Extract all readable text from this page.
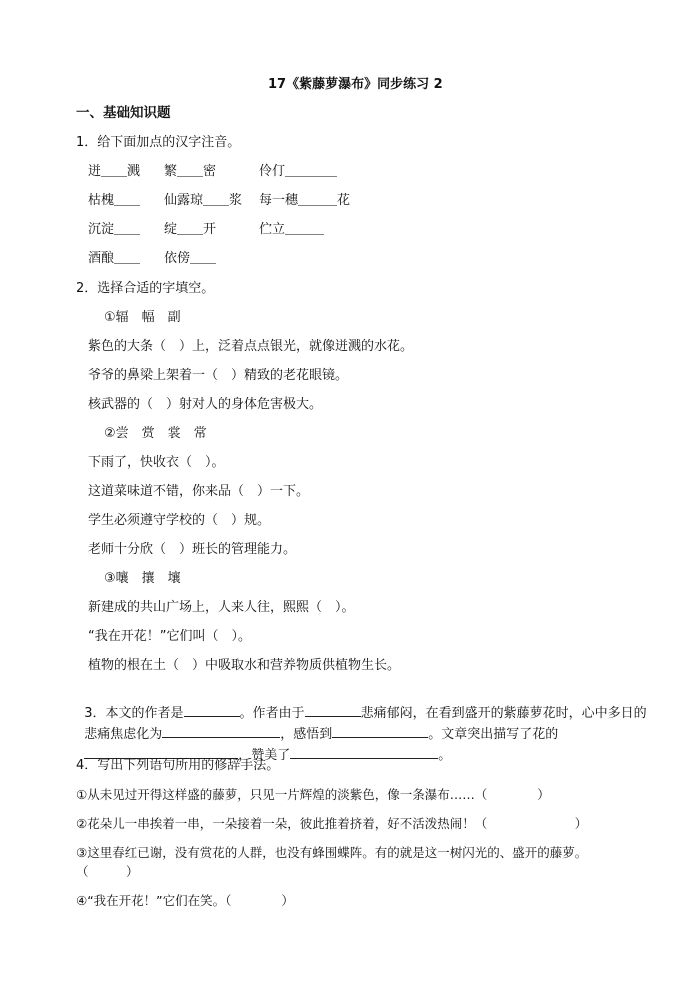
17《紫藤萝瀑布》同步练习 2
一、基础知识题
1．给下面加点的汉字注音。
迸＿＿溅 繁＿＿密	伶仃＿＿＿＿
枯槐＿＿ 仙露琼＿＿浆 每一穗＿＿＿花
沉淀＿＿ 绽＿＿开	伫立＿＿＿
酒酿＿＿ 依傍＿＿
2．选择合适的字填空。
①辐　幅　副
紫色的大条（　）上，泛着点点银光，就像迸溅的水花。
爷爷的鼻梁上架着一（　）精致的老花眼镜。
核武器的（　）射对人的身体危害极大。
②尝　赏　裳　常
下雨了，快收衣（　）。
这道菜味道不错，你来品（　）一下。
学生必须遵守学校的（　）规。
老师十分欣（　）班长的管理能力。
③嚷　攘　壤
新建成的共山广场上，人来人往，熙熙（　）。
“我在开花！”它们叫（　）。
植物的根在土（　）中吸取水和营养物质供植物生长。

3．本文的作者是	。作者由于	悲痛郁闷，在看到盛开的紫藤萝花时，心中多日的

悲痛焦虑化为	，感悟到	。文章突出描写了花的

，赞美了	。

4．写出下列语句所用的修辞手法。
①从未见过开得这样盛的藤萝，只见一片辉煌的淡紫色，像一条瀑布……（　　　　）
②花朵儿一串挨着一串，一朵接着一朵，彼此推着挤着，好不活泼热闹！（　　　　　　　）
③这里春红已谢，没有赏花的人群，也没有蜂围蝶阵。有的就是这一树闪光的、盛开的藤萝。
（　　　）
④“我在开花！”它们在笑。（　　　　）
